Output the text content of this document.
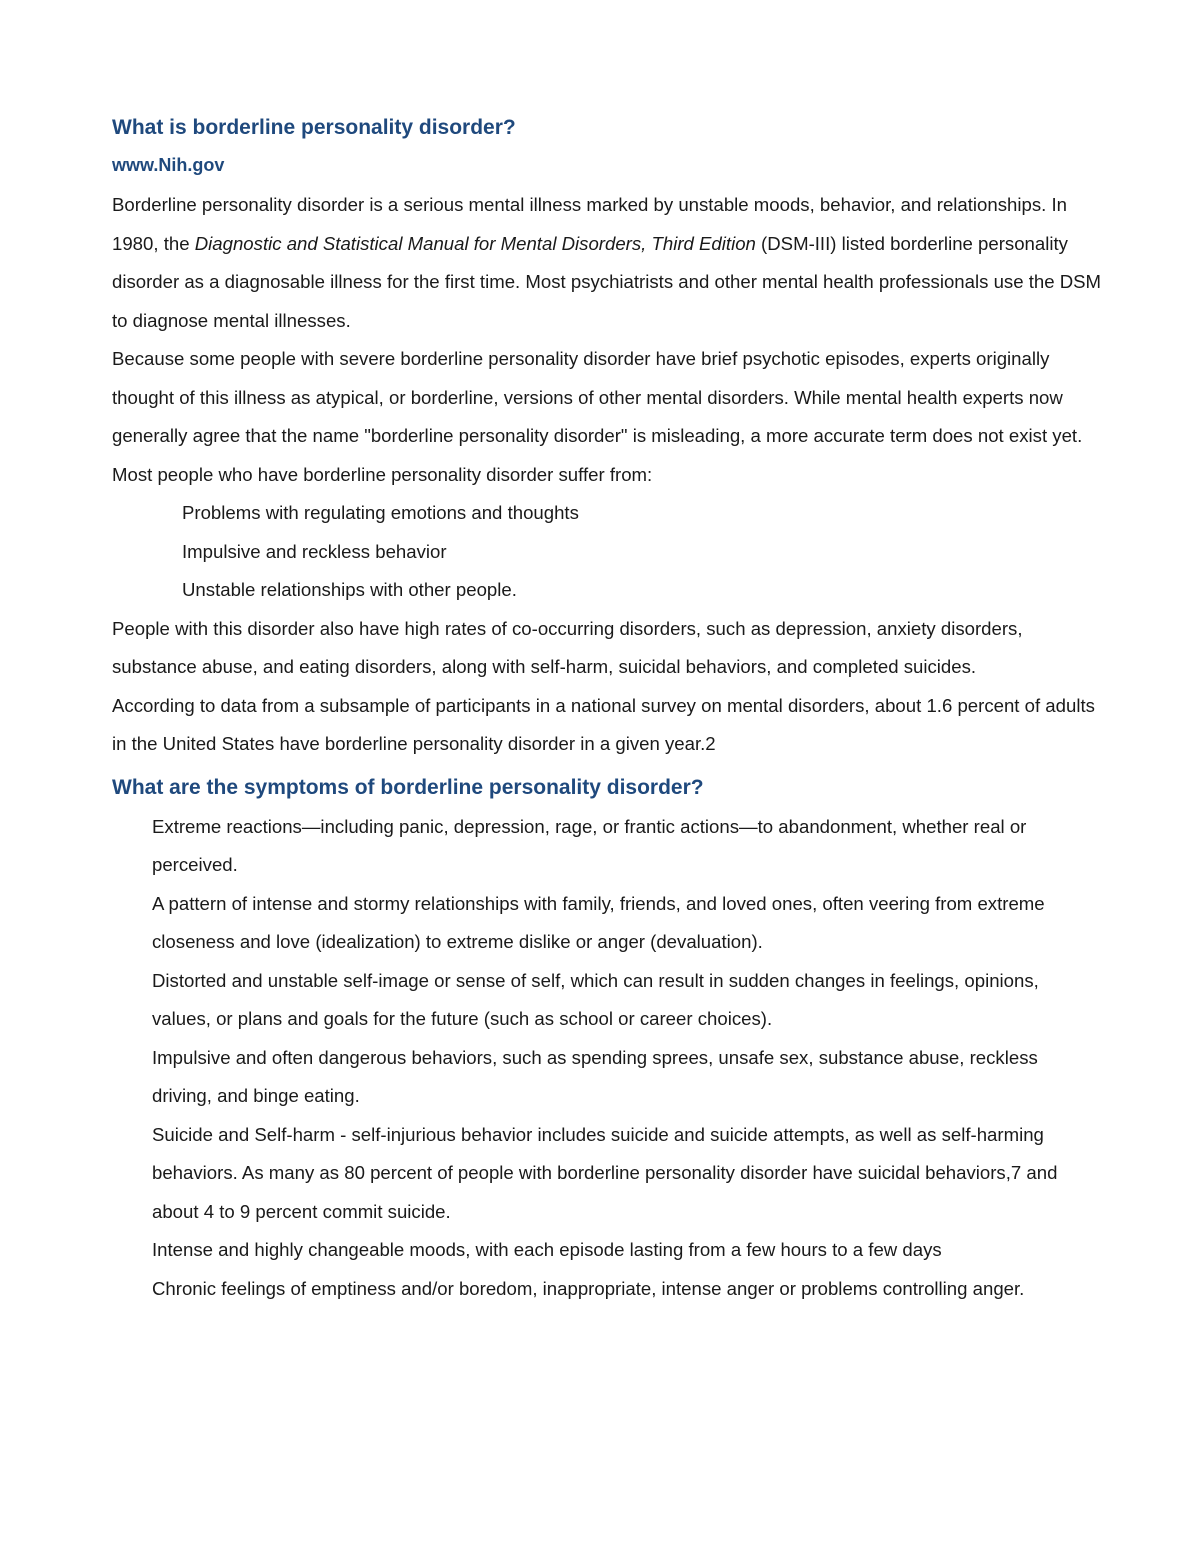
What is borderline personality disorder?
www.Nih.gov

Borderline personality disorder is a serious mental illness marked by unstable moods, behavior, and relationships. In 1980, the Diagnostic and Statistical Manual for Mental Disorders, Third Edition (DSM-III) listed borderline personality disorder as a diagnosable illness for the first time. Most psychiatrists and other mental health professionals use the DSM to diagnose mental illnesses.

Because some people with severe borderline personality disorder have brief psychotic episodes, experts originally thought of this illness as atypical, or borderline, versions of other mental disorders. While mental health experts now generally agree that the name "borderline personality disorder" is misleading, a more accurate term does not exist yet.

Most people who have borderline personality disorder suffer from:

Problems with regulating emotions and thoughts
Impulsive and reckless behavior
Unstable relationships with other people.

People with this disorder also have high rates of co-occurring disorders, such as depression, anxiety disorders, substance abuse, and eating disorders, along with self-harm, suicidal behaviors, and completed suicides.

According to data from a subsample of participants in a national survey on mental disorders, about 1.6 percent of adults in the United States have borderline personality disorder in a given year.2

What are the symptoms of borderline personality disorder?
Extreme reactions—including panic, depression, rage, or frantic actions—to abandonment, whether real or perceived.
A pattern of intense and stormy relationships with family, friends, and loved ones, often veering from extreme closeness and love (idealization) to extreme dislike or anger (devaluation).
Distorted and unstable self-image or sense of self, which can result in sudden changes in feelings, opinions, values, or plans and goals for the future (such as school or career choices).
Impulsive and often dangerous behaviors, such as spending sprees, unsafe sex, substance abuse, reckless driving, and binge eating.
Suicide and Self-harm - self-injurious behavior includes suicide and suicide attempts, as well as self-harming behaviors. As many as 80 percent of people with borderline personality disorder have suicidal behaviors,7 and about 4 to 9 percent commit suicide.
Intense and highly changeable moods, with each episode lasting from a few hours to a few days
Chronic feelings of emptiness and/or boredom, inappropriate, intense anger or problems controlling anger.
